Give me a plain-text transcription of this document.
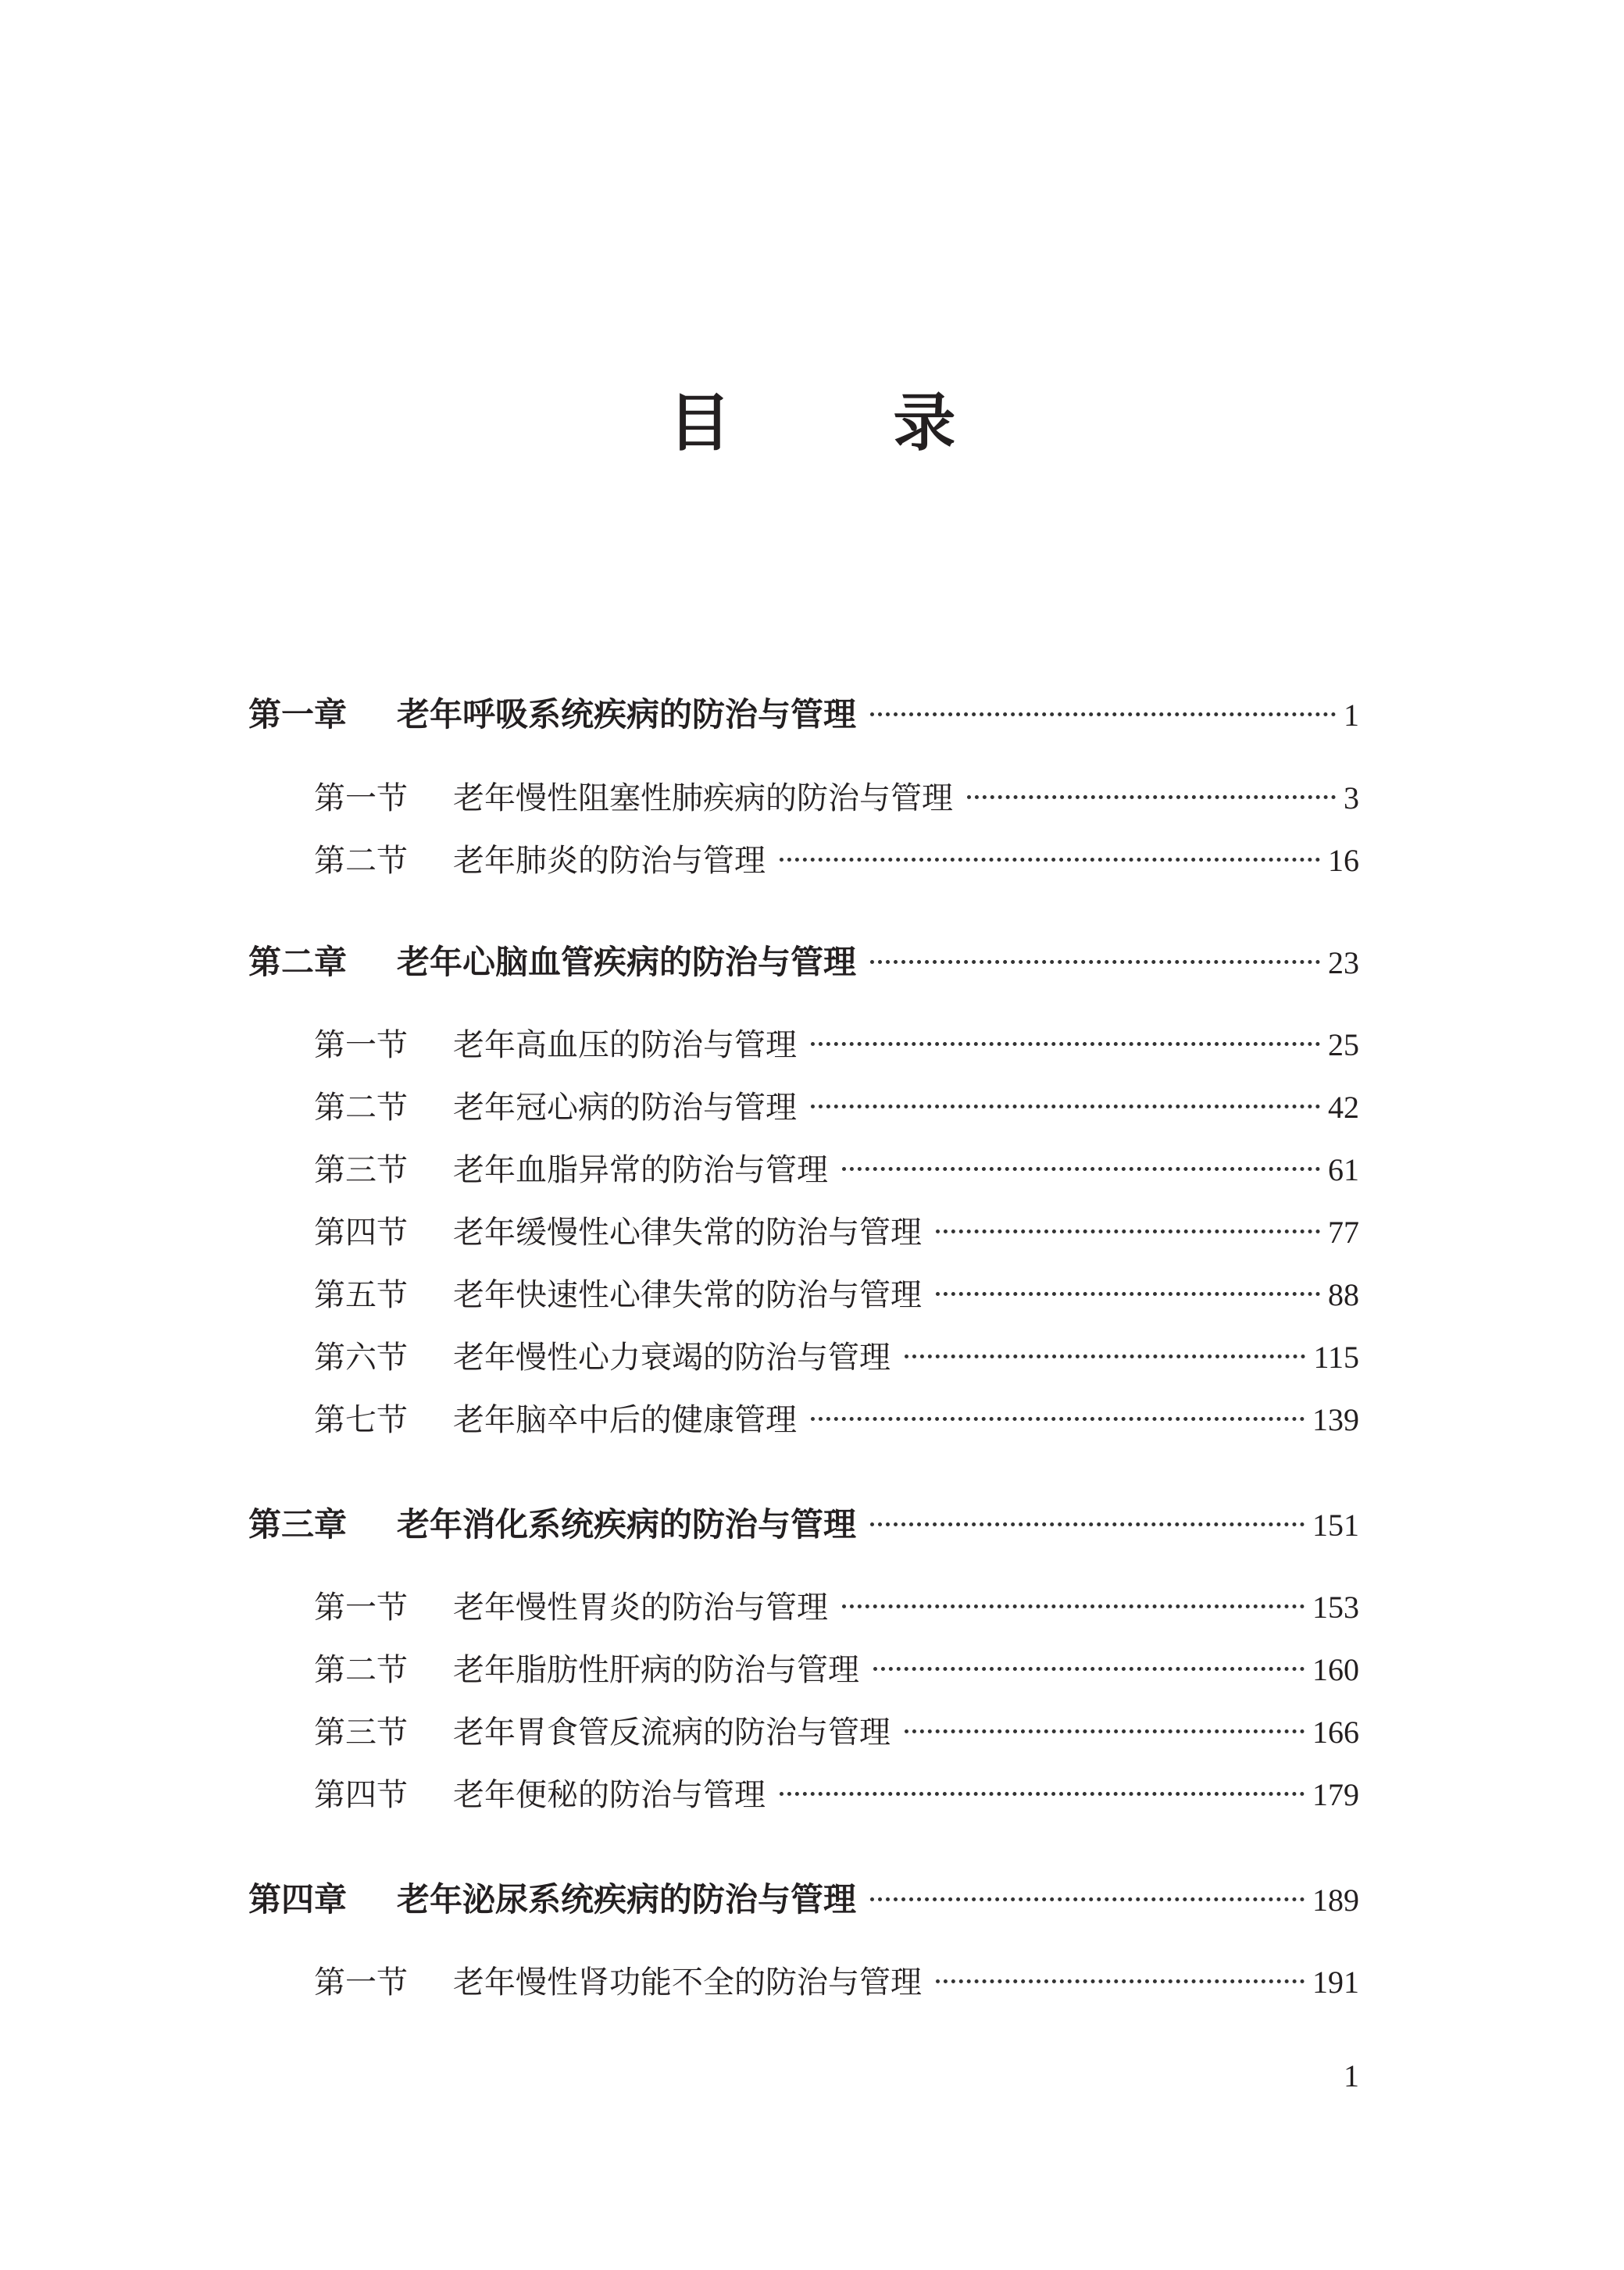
目 录
第一章	老年呼吸系统疾病的防治与管理	1
第一节	老年慢性阻塞性肺疾病的防治与管理	3
第二节	老年肺炎的防治与管理	16
第二章	老年心脑血管疾病的防治与管理	23
第一节	老年高血压的防治与管理	25
第二节	老年冠心病的防治与管理	42
第三节	老年血脂异常的防治与管理	61
第四节	老年缓慢性心律失常的防治与管理	77
第五节	老年快速性心律失常的防治与管理	88
第六节	老年慢性心力衰竭的防治与管理	115
第七节	老年脑卒中后的健康管理	139
第三章	老年消化系统疾病的防治与管理	151
第一节	老年慢性胃炎的防治与管理	153
第二节	老年脂肪性肝病的防治与管理	160
第三节	老年胃食管反流病的防治与管理	166
第四节	老年便秘的防治与管理	179
第四章	老年泌尿系统疾病的防治与管理	189
第一节	老年慢性肾功能不全的防治与管理	191
1
